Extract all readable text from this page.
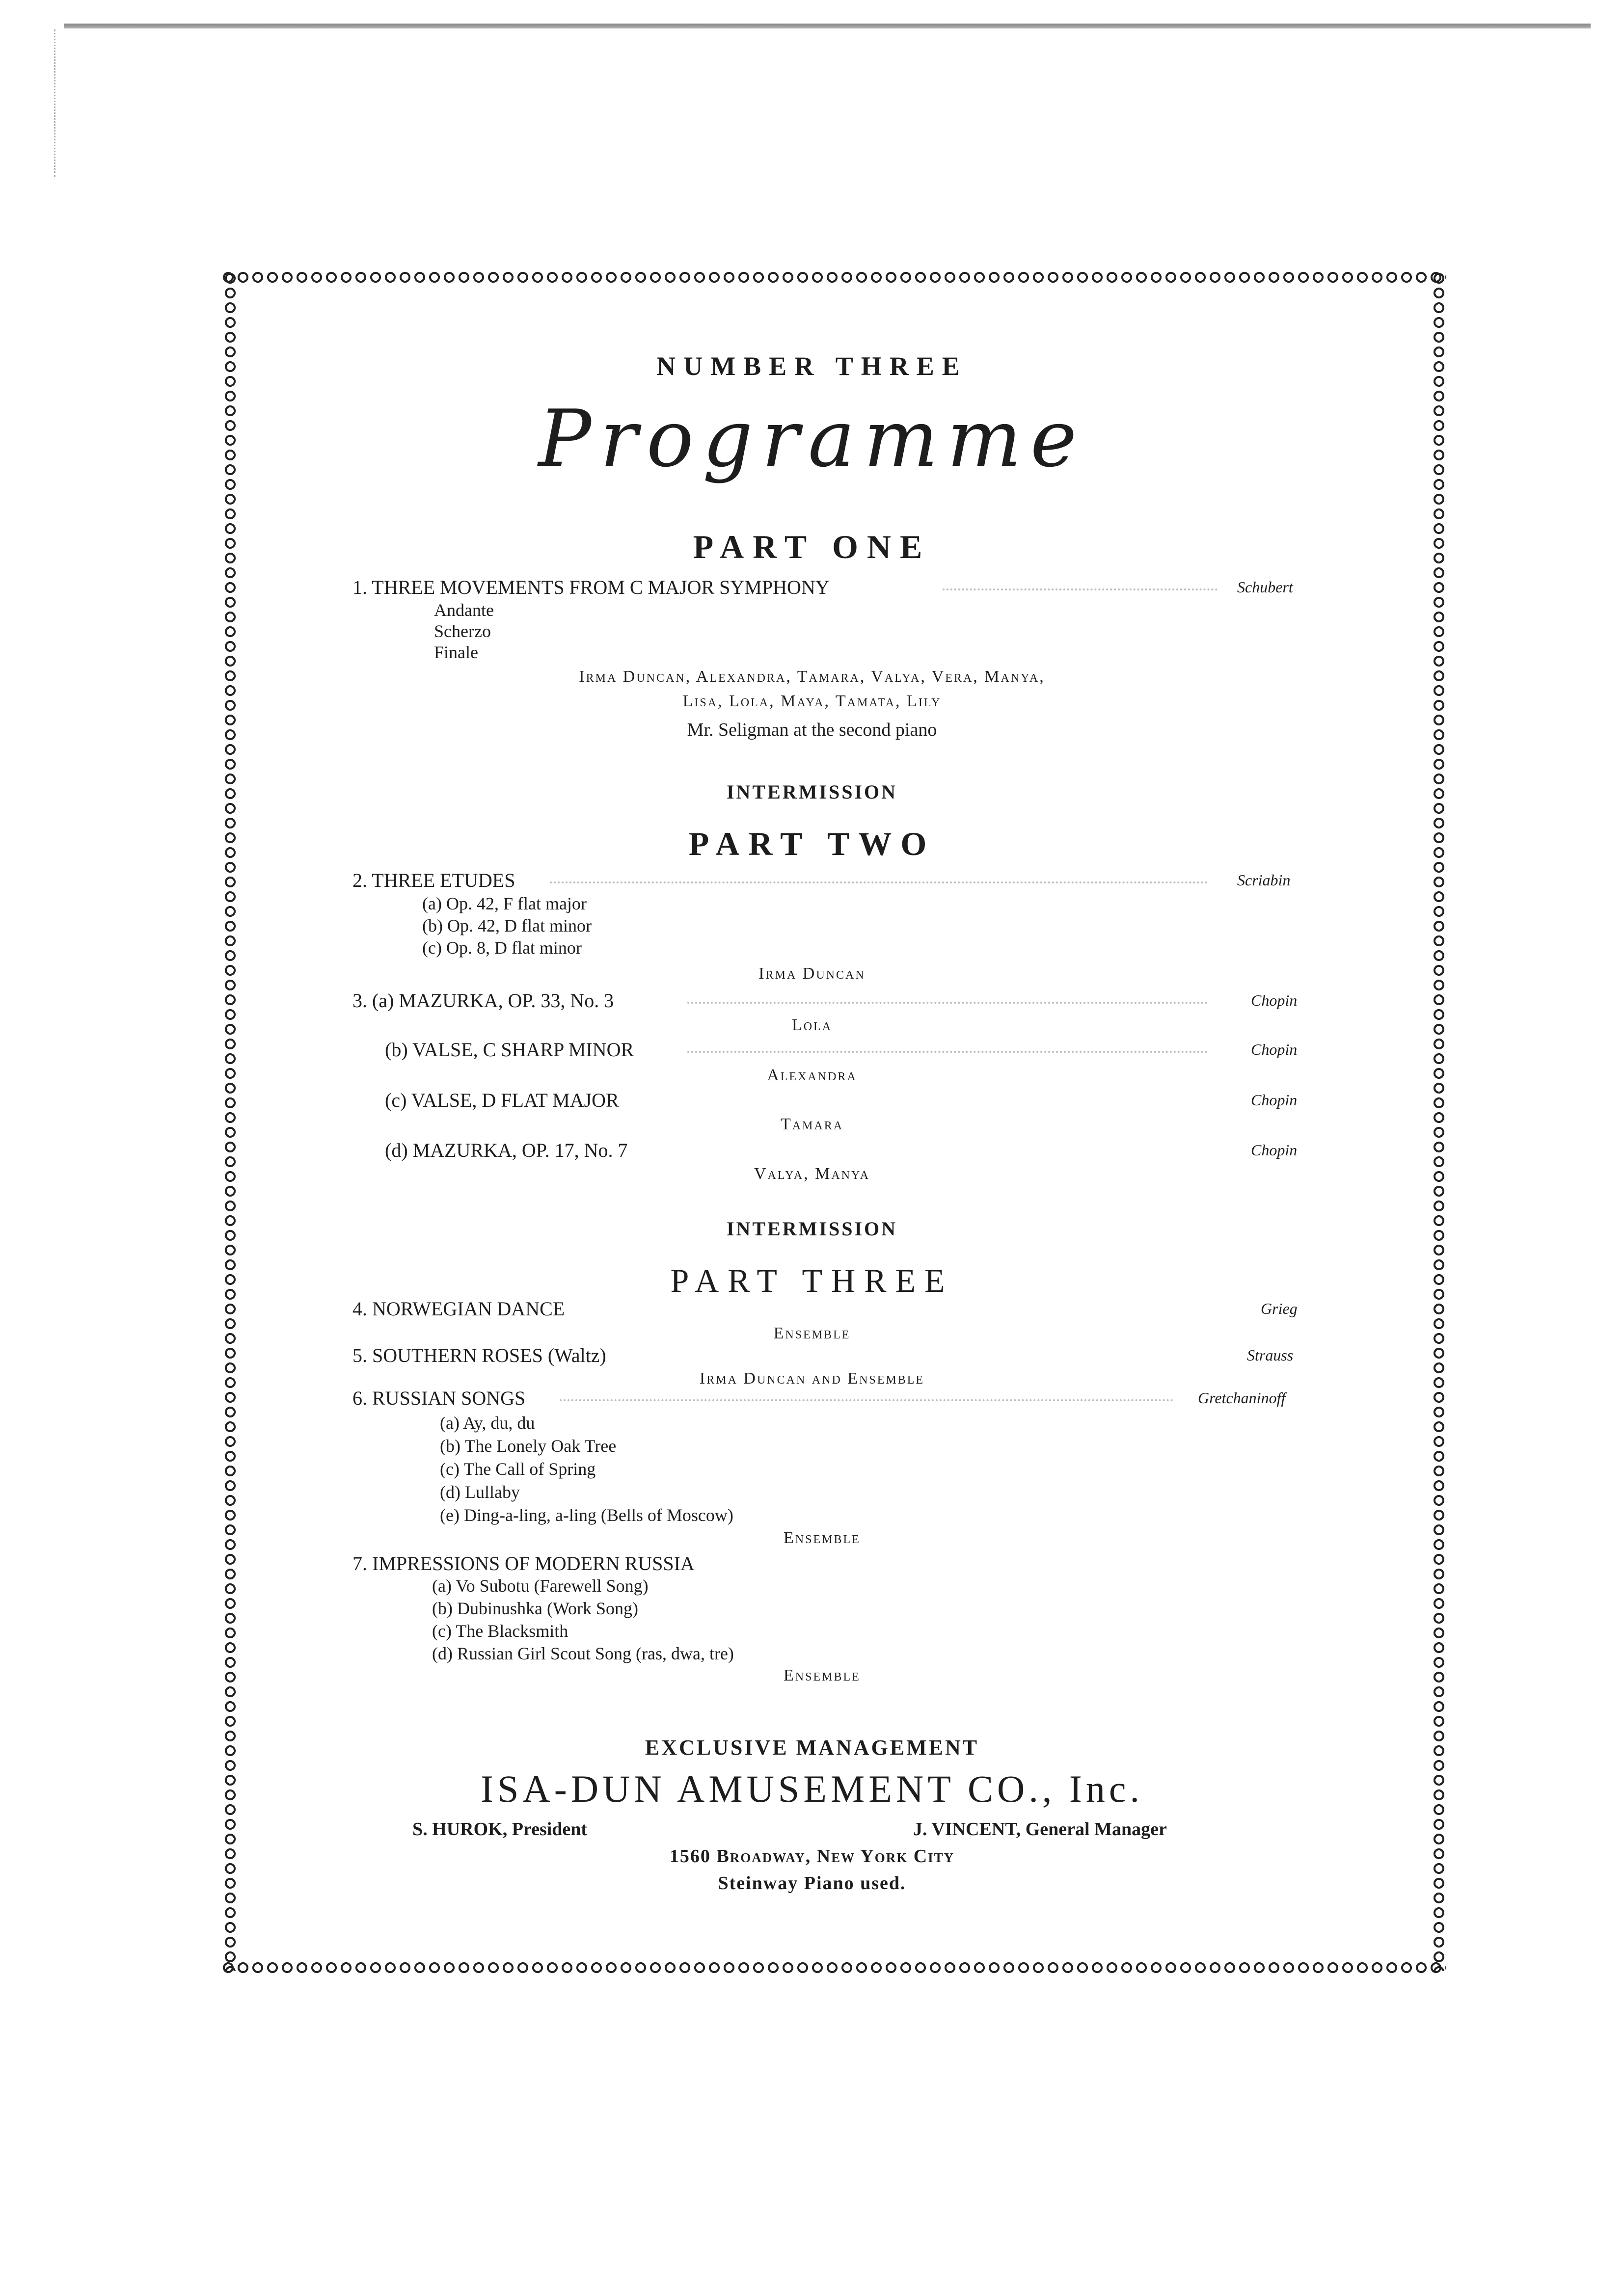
NUMBER THREE
Programme
PART ONE
1. THREE MOVEMENTS FROM C MAJOR SYMPHONY	Schubert
Andante
Scherzo
Finale
Irma Duncan, Alexandra, Tamara, Valya, Vera, Manya,
Lisa, Lola, Maya, Tamata, Lily
Mr. Seligman at the second piano
INTERMISSION
PART TWO
2. THREE ETUDES	Scriabin
(a) Op. 42, F flat major
(b) Op. 42, D flat minor
(c) Op. 8, D flat minor
Irma Duncan
3. (a) MAZURKA, OP. 33, No. 3	Chopin
Lola
(b) VALSE, C SHARP MINOR	Chopin
Alexandra
(c) VALSE, D FLAT MAJOR	Chopin
Tamara
(d) MAZURKA, OP. 17, No. 7	Chopin
Valya, Manya
INTERMISSION
PART THREE
4. NORWEGIAN DANCE	Grieg
Ensemble
5. SOUTHERN ROSES (Waltz)	Strauss
Irma Duncan and Ensemble
6. RUSSIAN SONGS	Gretchaninoff
(a) Ay, du, du
(b) The Lonely Oak Tree
(c) The Call of Spring
(d) Lullaby
(e) Ding-a-ling, a-ling (Bells of Moscow)
Ensemble
7. IMPRESSIONS OF MODERN RUSSIA
(a) Vo Subotu (Farewell Song)
(b) Dubinushka (Work Song)
(c) The Blacksmith
(d) Russian Girl Scout Song (ras, dwa, tre)
Ensemble
EXCLUSIVE MANAGEMENT
ISA-DUN AMUSEMENT CO., Inc.
S. HUROK, President	J. VINCENT, General Manager
1560 Broadway, New York City
Steinway Piano used.
